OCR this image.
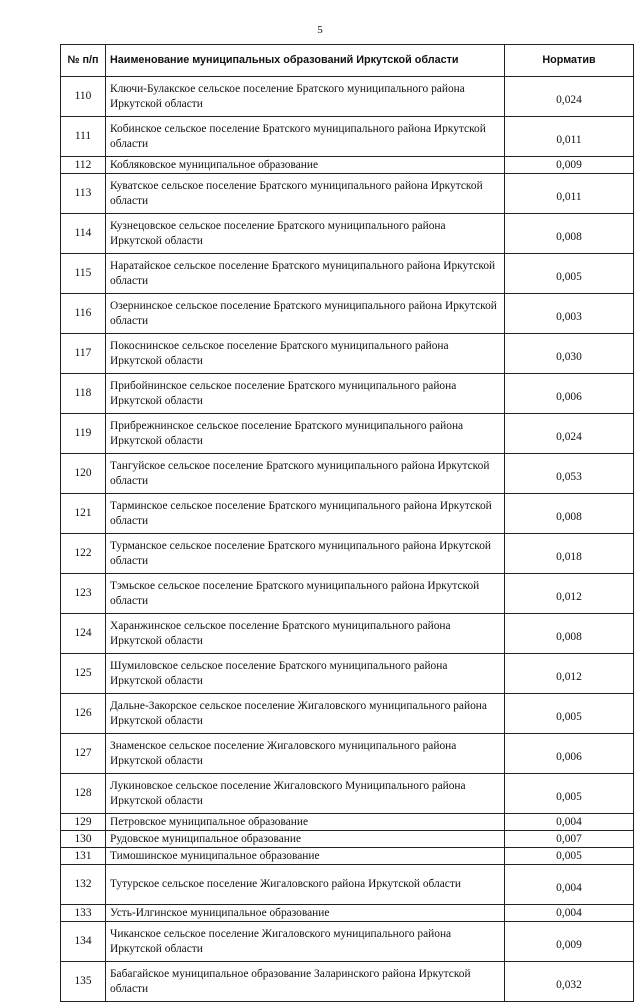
5
№ п/п	Наименование муниципальных образований Иркутской области	Норматив
110	Ключи-Булакское сельское поселение Братского муниципального района Иркутской области	0,024
111	Кобинское сельское поселение Братского муниципального района Иркутской области	0,011
112	Кобляковское муниципальное образование	0,009
113	Куватское сельское поселение Братского муниципального района Иркутской области	0,011
114	Кузнецовское сельское поселение Братского муниципального района Иркутской области	0,008
115	Наратайское сельское поселение Братского муниципального района Иркутской области	0,005
116	Озернинское сельское поселение Братского муниципального района Иркутской области	0,003
117	Покоснинское сельское поселение Братского муниципального района Иркутской области	0,030
118	Прибойнинское сельское поселение Братского муниципального района Иркутской области	0,006
119	Прибрежнинское сельское поселение Братского муниципального района Иркутской области	0,024
120	Тангуйское сельское поселение Братского муниципального района Иркутской области	0,053
121	Тарминское сельское поселение Братского муниципального района Иркутской области	0,008
122	Турманское сельское поселение Братского муниципального района Иркутской области	0,018
123	Тэмьское сельское поселение Братского муниципального района Иркутской области	0,012
124	Харанжинское сельское поселение Братского муниципального района Иркутской области	0,008
125	Шумиловское сельское поселение Братского муниципального района Иркутской области	0,012
126	Дальне-Закорское сельское поселение Жигаловского муниципального района Иркутской области	0,005
127	Знаменское сельское поселение Жигаловского муниципального района Иркутской области	0,006
128	Лукиновское сельское поселение Жигаловского Муниципального района Иркутской области	0,005
129	Петровское муниципальное образование	0,004
130	Рудовское муниципальное образование	0,007
131	Тимошинское муниципальное образование	0,005
132	Тутурское сельское поселение Жигаловского района Иркутской области	0,004
133	Усть-Илгинское муниципальное образование	0,004
134	Чиканское сельское поселение Жигаловского муниципального района Иркутской области	0,009
135	Бабагайское муниципальное образование Заларинского района Иркутской области	0,032
